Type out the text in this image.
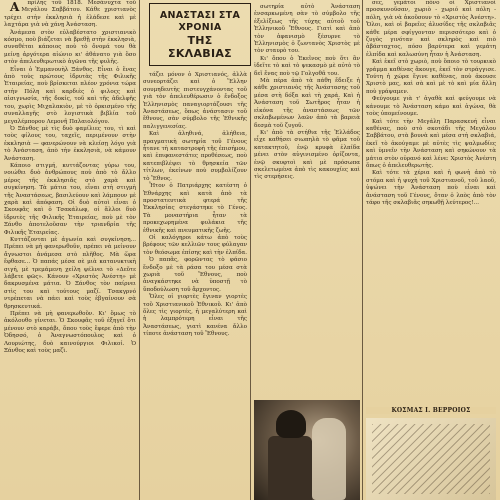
Α πρίλης τοῦ 1818. Μεσάνυχτα τοῦ Μεγάλου Σαββάτου. Κάθε χριστιανὸς τρέχει στὴν ἐκκλησιὰ ἡ ἐλάδεσε καὶ μὲ λαχτάρα γιὰ νὰ χάνῃ Ἀνάσταση.

Ἀνάμεσα στὸν εὐλαβέστατο χριστιανικὸ κόσμο, ποὺ βιάζεται νὰ βρεθῇ στὴν ἐκκλησιὰ, συναθέται κάποιος ποὺ τὸ ὄνομά του θὰ μείνῃ ἀργότερα αἰώνιο κι' ἀθάνατο γιὰ ὅσο στὸν ἀπελευθερωτικὸ ἀγῶνα τῆς φυλῆς.

Εἶναι ὁ Ἐμμανουὴλ Ξάνθος. Εἶναι ὁ ἕνας ἀπὸ τοὺς πρώτους ἱδρυτὰς τῆς Φιλικῆς Ἑταιρείας, ποὺ βρίσκεται πλέον χρόνια τώρα στὴν Πόλη καὶ καρδιὲς ὁ φιλοςς καὶ αἰσιγνωσία, τῆς δοκίς, τοῦ καὶ τῆς ἀδελφῆς του, χωρὶς Μιχαλακιὸν, μὲ τὸ ὁρκισμένο τῆς συναλλαγῆς στὸ λογιστικὰ βιβλία τοῦ μεγαλέμπορου Λεμονῆ Παλαιολόγου.

Ὁ Ξάνθος μὲ τὶς δυὸ φαμίλιες του, τὶ καὶ τοὺς φίλους του, ταχεῖς, περιμένουν στὴν ἐκκλησιὰ — φανερώνουν νὰ κλείσῃ λόγο γιὰ τὸ Ἀνάσταση, ἀπὸ τὴν ἐκκλησιὰ, νὰ κάμουν Ἀνάσταση.

Κάποιο στιγμή, κυττάζοντας γύρω του, νοιώθει δυὸ ἀνθρώπους ποὺ ἀπὸ τὸ ἄλλο μέρος τῆς ἐκκλησιᾶς στὸ χαρὰ καὶ συγκίνηση. Τὰ μάτια του, εἶναι στὴ στιγμὴ τῆς Ἀναστάσεως, βασιλεύουν καὶ λάμπουν μὲ χαρὰ καὶ ἀπόφαση. Οἱ δυὸ αὐτοὶ εἶναι ὁ Σκουφᾶς καὶ ὁ Τσακάλωφ, οἱ ἄλλοι δυὸ ἱδρυτὲς τῆς Φιλικῆς Ἑταιρείας, ποὺ μὲ τὸν Ξάνθο ἀποτελοῦσαν τὴν τριανδρία τῆς Φιλικῆς Ἑταιρείας.

Κυττάζονται μὲ ἀγωνία καὶ συγκίνηση... Πρέπει νὰ μὴ φανερωθοῦν, πρέπει νὰ μείνουν ἄγνωστοι ἀνάμεσα στὸ πλῆθος. Μὰ ὥρα ἔφθασε... Ὁ παπάς μέσα σὲ μιὰ κατανυκτικὴ σιγή, μὲ τρεμάμενη χείλη ψέλνει τὸ «Δεῦτε λάβετε φῶς». Κάνουν «Χριστὸς Ἀνέστη» μὲ δακρυσμένα μάτια. Ὁ Ξάνθος τὸν παίρνει στὶς του καὶ τούτους μαζί. Τσακγρνό ντρέπεται νὰ πάει καὶ τοὺς ἐβγαίνουν σὰ θρησκευτικά.

Πρέπει νὰ μὴ φανερωθοῦν. Κι' ὅμως τὸ ἀκόλουθο γίνεται. Ὁ Σκουφᾶς τοῦ ἐξηγεῖ ὅτι μένουν στὸ καράβι, ὅπου τοὺς ἔφερε ἀπὸ τὴν Ὁδησσό, ὁ Ἀναγνωστόπουλος καὶ ὁ Λουριώτης, δυὸ καινούργιοι Φιλικοί. Ὁ Ξάνθος καὶ τοὺς μαζὶ.

ΑΝΑΣΤΑΣΙ ΣΤΑ ΧΡΟΝΙΑ
ΤΗΣ ΣΚΛΑΒΙΑΣ

τάζει μόνον ὁ Χριστιανός, ἀλλὰ συνεορτάζει καὶ ὁ Ἕλλην σουμηδευτὴς πιστευγχάνοντας τοῦ γιὰ τὸν ἀπελευθέρωσιν ὁ ἔνδοξος Ἑλληνισμὸς παναγιορτάζουσι τῆς Ἀναστάσεως, ὅπως ἀνάστασιν τοῦ ἔθνους, σὰν σύμβολο τῆς Ἐθνικῆς παλιγγενεσίας.

Καὶ ἀληθινά, ἀλήθεια, πραγματικὴ σωτηρία τοῦ Γένους ἦτανε τὴ καταστροφὴ τῆς ἐπισήμου, καὶ ἐπιφανεστάτες προθέσεως, ποὺ κατεπιβλέψει τὸ θρησκεία τῶν τίτλων, ἐκείνων ποὺ συμβολίζουν τὸ Ἔθνος.

Ἦτον ὁ Πατριάρχης κατέστη ὁ Ἐθνάρχης καὶ κατὰ ἀπὸ τὰ προστατευτικὰ φτερά τῆς Ἐκκλησίας στεγάστηκε τὸ Γένος. Τὰ μοναστήρια ἦταν τὰ προκεχωρημένα φυλάκια τῆς ἐθνικῆς καὶ πνευματικῆς ζωῆς.

Οἱ καλόγηροι κάτω ἀπὸ τοὺς βρέφους τῶν κελλιῶν τους φύλαγαν τὸν θεόσωμα ἐπίσης καὶ τὴν ἐλπίδα.

Ὁ παπᾶς, φορῶντας τὸ φάσιο ἔνδοξο μὲ τὰ ράσα του μέσα στὰ χωριὰ τοῦ Ἔθνους, ποὺ ἀναγκάστηκε νὰ ὑποστῇ τὸ ὕποδούλωση τοῦ ἄρχοντος.

Ὅλες οἱ γιορτὲς ἔγιναν γιορτὲς τοῦ Χριστιανικοῦ Ἐθνικοῦ. Κι' ἀπὸ ὅλες τὶς γιορτές, ἡ μεγαλύτερη καὶ ἡ λαμπρότερη εἶναι τῆς Ἀναστάσεως, γιατὶ κανένα ἄλλο τίποτε ἀνάσταση τοῦ Ἔθνους.

σωτηρία αὐτὸ Ἀνάσταση ἐνσαρκωμένη σὰν τὸ σύμβολο τῆς ἐξελίξεως τῆς τύχης αὐτοῦ τοῦ Ἑλληνικοῦ Ἔθνους. Γιατὶ καὶ ἀπὸ τὸν ἀφανισμὸ ξέσυρνε τὸ Ἑλληνισμὸς ὁ ζωντανὸς Χριστὸς μὲ τὸν σταυρὸ του.

Κι' ὅπου ὁ Ἐκεῖνος ποὺ ὅτι ἂν ἰδεῖτε τὸ καὶ τὸ ψεκασμὸ μὲ αὐτὸ τὸ δεῖ ἕνας ποὺ τῷ Γολγοθᾶ του.

Μὰ πέρα ἀπὸ τὰ πάθη ἔδειξε ἡ κάθε χριστιανὸς τῆς Ἀνάστασης τοῦ μέσα στὴ δόξα καὶ τὴ χαρά. Καὶ ἡ Ἀνάσταση τοῦ Σωτῆρος ἦταν ἡ εἰκόνα τῆς ἀναστάσεως τῶν σκλαβωμένων λαῶν ἀπὸ τὰ βαρειὰ δεσμὰ τοῦ ζυγοῦ.

Κι' ἀπὸ τὰ στήθια τῆς Ἑλλάδος εἶχε καθήσει σιωπηλὰ τὸ φᾶμα τοῦ κατακτητοῦ, ἐνῷ κρυφὰ ἐλπίδα μένει στὸν αὐγινισμένο ὁρίζοντα, ἐνῷ σκυφτοὶ καὶ μὲ πρόσωπα σκελετωμένα ἀπὸ τὶς κακουχίες καὶ τὶς στερήσεις.

σες, γεμάτοι πόνο οἱ Χριστιανοὶ προσκυνοῦσαν, χωριὸ ‑ χωριό καὶ πόλη ‑ πόλη, γιὰ νὰ ἀκοῦσουν τὸ «Χριστὸς Ἀνέστη». Ὅλοι, καὶ οἱ βαρεῖες ἀλυσίδες τῆς σκλαβιᾶς κάθε μέρα σφίγγονταν περισσότερο καὶ ὁ ζυγὸς γινόταν καὶ σκληρὸς καὶ πιὸ ἀβάσταχτος, πόσο βαρύτερα καὶ γεμάτη ἐλπίδα καὶ καλωσύνη ἦταν ἡ Ἀνάσταση.

Καὶ ἐκεῖ στὸ χωριὸ, ποὺ ὅποιο τὸ τουρκικὸ γράμμα καθένας ἄκουγε, ἐκεῖ τὸν στράγγισε. Τούτη ἡ χώρα ἔγινε καθένας, ποὺ ἀκουσε Χριστὸ μας, καὶ σὰ καὶ μὲ τὸ καὶ μία ἄλλη ποὺ γράψαμεν.

Φεύγουμε γιὰ τ' ἀγαθὰ καὶ φεύγουμε νὰ κάνουμε τὸ Ἀνάσταση κάμο καὶ ἀγώνα, θὰ τοὺς ὑπομείνουμε.

Καὶ τότε τὴν Μεγάλη Παρασκευή εἶναι καθένας, ποὺ στὸ σκοτάδι τῆς Μεγάλου Σαββάτου, στὰ βουνὰ καὶ μέσα στὴ σκλαβιά, ἐκεῖ τὸ ἀκούγαμε μὲ αὐτὲς τὶς ψαλμωδίες καὶ ὑμνεῖν τὴν Ἀνάσταση καὶ σηκώνουν τὰ μάτια στὸν οὐρανό καὶ λένε: Χριστὸς Ἀνέστη ὅπως ὁ ἀπελευθερωτὴς.

Καὶ τότε τὰ χέρια καὶ ἡ φωνὴ ἀπὸ τὸ στόμα καὶ ἡ ψυχὴ τοῦ Χριστιανοῦ, τοῦ λαοῦ, ὑψώνει τὴν Ἀνάσταση ποὺ εἶναι καὶ ἀνάσταση τοῦ Γένους, ὅταν ὁ λαὸς ἀπὸ τὸν τάφο τῆς σκλαβιᾶς σηκωθῇ λεύτερος!...

ΚΟΣΜΑΣ Ι. ΒΕΡΡΟΙΟΣ
